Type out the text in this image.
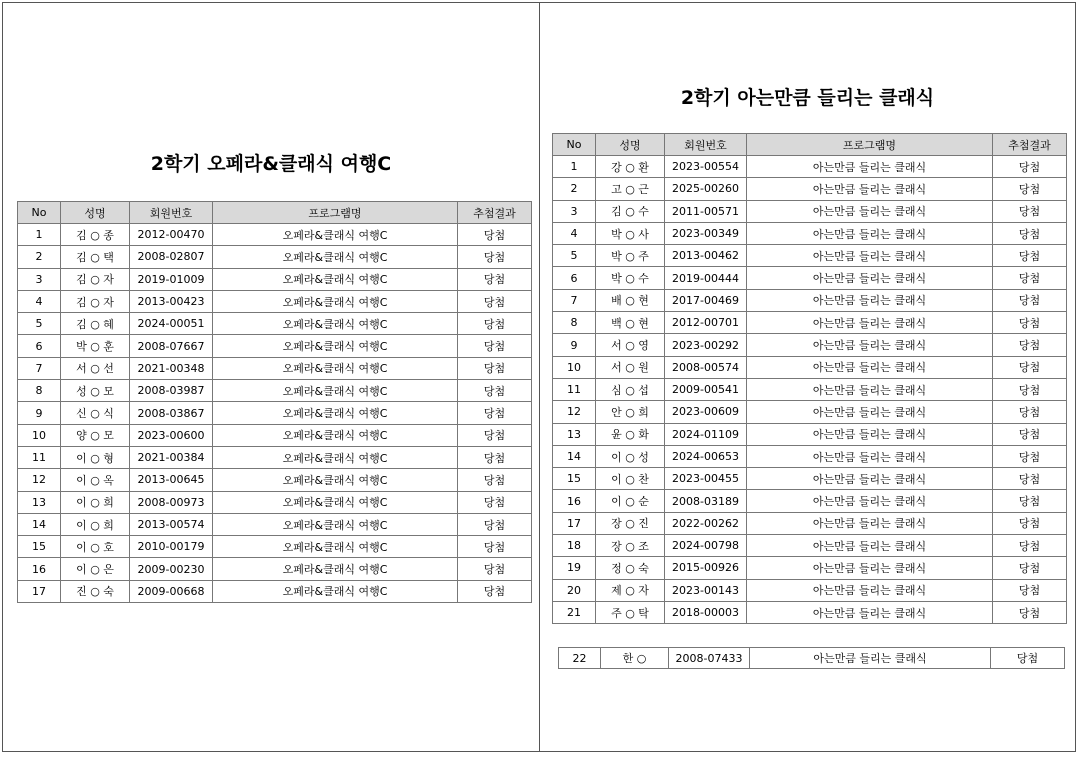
2학기 오페라&클래식 여행C
No	성명	회원번호	프로그램명	추첨결과
1	김 ○ 종	2012-00470	오페라&클래식 여행C	당첨
2	김 ○ 택	2008-02807	오페라&클래식 여행C	당첨
3	김 ○ 자	2019-01009	오페라&클래식 여행C	당첨
4	김 ○ 자	2013-00423	오페라&클래식 여행C	당첨
5	김 ○ 혜	2024-00051	오페라&클래식 여행C	당첨
6	박 ○ 훈	2008-07667	오페라&클래식 여행C	당첨
7	서 ○ 선	2021-00348	오페라&클래식 여행C	당첨
8	성 ○ 모	2008-03987	오페라&클래식 여행C	당첨
9	신 ○ 식	2008-03867	오페라&클래식 여행C	당첨
10	양 ○ 모	2023-00600	오페라&클래식 여행C	당첨
11	이 ○ 형	2021-00384	오페라&클래식 여행C	당첨
12	이 ○ 옥	2013-00645	오페라&클래식 여행C	당첨
13	이 ○ 희	2008-00973	오페라&클래식 여행C	당첨
14	이 ○ 희	2013-00574	오페라&클래식 여행C	당첨
15	이 ○ 호	2010-00179	오페라&클래식 여행C	당첨
16	이 ○ 은	2009-00230	오페라&클래식 여행C	당첨
17	진 ○ 숙	2009-00668	오페라&클래식 여행C	당첨
2학기 아는만큼 들리는 클래식
No	성명	회원번호	프로그램명	추첨결과
1	강 ○ 환	2023-00554	아는만큼 들리는 클래식	당첨
2	고 ○ 근	2025-00260	아는만큼 들리는 클래식	당첨
3	김 ○ 수	2011-00571	아는만큼 들리는 클래식	당첨
4	박 ○ 사	2023-00349	아는만큼 들리는 클래식	당첨
5	박 ○ 주	2013-00462	아는만큼 들리는 클래식	당첨
6	박 ○ 수	2019-00444	아는만큼 들리는 클래식	당첨
7	배 ○ 현	2017-00469	아는만큼 들리는 클래식	당첨
8	백 ○ 현	2012-00701	아는만큼 들리는 클래식	당첨
9	서 ○ 영	2023-00292	아는만큼 들리는 클래식	당첨
10	서 ○ 원	2008-00574	아는만큼 들리는 클래식	당첨
11	심 ○ 섭	2009-00541	아는만큼 들리는 클래식	당첨
12	안 ○ 희	2023-00609	아는만큼 들리는 클래식	당첨
13	윤 ○ 화	2024-01109	아는만큼 들리는 클래식	당첨
14	이 ○ 성	2024-00653	아는만큼 들리는 클래식	당첨
15	이 ○ 찬	2023-00455	아는만큼 들리는 클래식	당첨
16	이 ○ 순	2008-03189	아는만큼 들리는 클래식	당첨
17	장 ○ 진	2022-00262	아는만큼 들리는 클래식	당첨
18	장 ○ 조	2024-00798	아는만큼 들리는 클래식	당첨
19	정 ○ 숙	2015-00926	아는만큼 들리는 클래식	당첨
20	제 ○ 자	2023-00143	아는만큼 들리는 클래식	당첨
21	주 ○ 탁	2018-00003	아는만큼 들리는 클래식	당첨
22	한 ○	2008-07433	아는만큼 들리는 클래식	당첨
